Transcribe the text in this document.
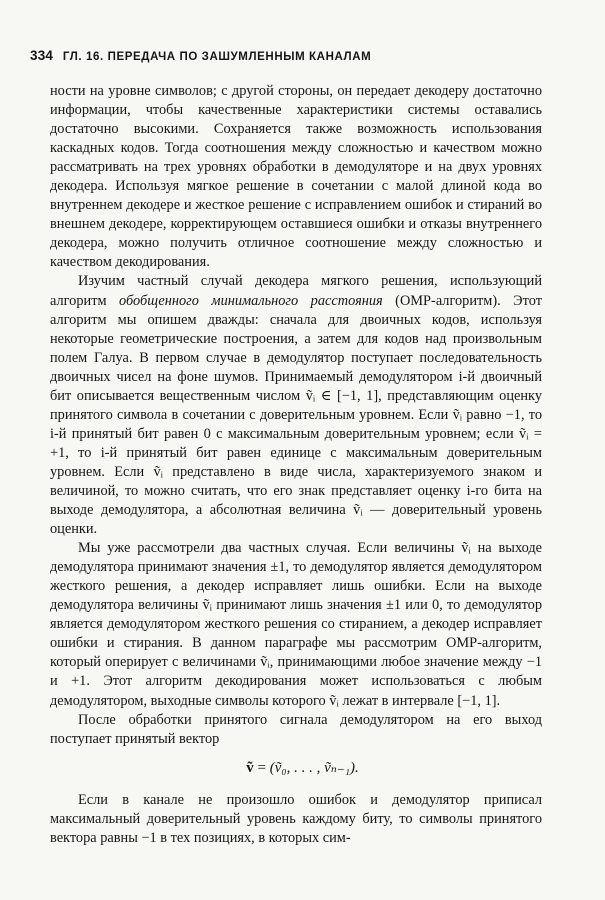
334 ГЛ. 16. ПЕРЕДАЧА ПО ЗАШУМЛЕННЫМ КАНАЛАМ

ности на уровне символов; с другой стороны, он передает декодеру достаточно информации, чтобы качественные характеристики системы оставались достаточно высокими. Сохраняется также возможность использования каскадных кодов. Тогда соотношения между сложностью и качеством можно рассматривать на трех уровнях обработки в демодуляторе и на двух уровнях декодера. Используя мягкое решение в сочетании с малой длиной кода во внутреннем декодере и жесткое решение с исправлением ошибок и стираний во внешнем декодере, корректирующем оставшиеся ошибки и отказы внутреннего декодера, можно получить отличное соотношение между сложностью и качеством декодирования.

Изучим частный случай декодера мягкого решения, использующий алгоритм обобщенного минимального расстояния (ОМР-алгоритм). Этот алгоритм мы опишем дважды: сначала для двоичных кодов, используя некоторые геометрические построения, а затем для кодов над произвольным полем Галуа. В первом случае в демодулятор поступает последовательность двоичных чисел на фоне шумов. Принимаемый демодулятором i-й двоичный бит описывается вещественным числом ṽᵢ ∈ [−1, 1], представляющим оценку принятого символа в сочетании с доверительным уровнем. Если ṽᵢ равно −1, то i-й принятый бит равен 0 с максимальным доверительным уровнем; если ṽᵢ = +1, то i-й принятый бит равен единице с максимальным доверительным уровнем. Если ṽᵢ представлено в виде числа, характеризуемого знаком и величиной, то можно считать, что его знак представляет оценку i-го бита на выходе демодулятора, а абсолютная величина ṽᵢ — доверительный уровень оценки.

Мы уже рассмотрели два частных случая. Если величины ṽᵢ на выходе демодулятора принимают значения ±1, то демодулятор является демодулятором жесткого решения, а декодер исправляет лишь ошибки. Если на выходе демодулятора величины ṽᵢ принимают лишь значения ±1 или 0, то демодулятор является демодулятором жесткого решения со стиранием, а декодер исправляет ошибки и стирания. В данном параграфе мы рассмотрим ОМР-алгоритм, который оперирует с величинами ṽᵢ, принимающими любое значение между −1 и +1. Этот алгоритм декодирования может использоваться с любым демодулятором, выходные символы которого ṽᵢ лежат в интервале [−1, 1].

После обработки принятого сигнала демодулятором на его выход поступает принятый вектор

ṽ = (ṽ₀, . . . , ṽₙ₋₁).

Если в канале не произошло ошибок и демодулятор приписал максимальный доверительный уровень каждому биту, то символы принятого вектора равны −1 в тех позициях, в которых сим-
